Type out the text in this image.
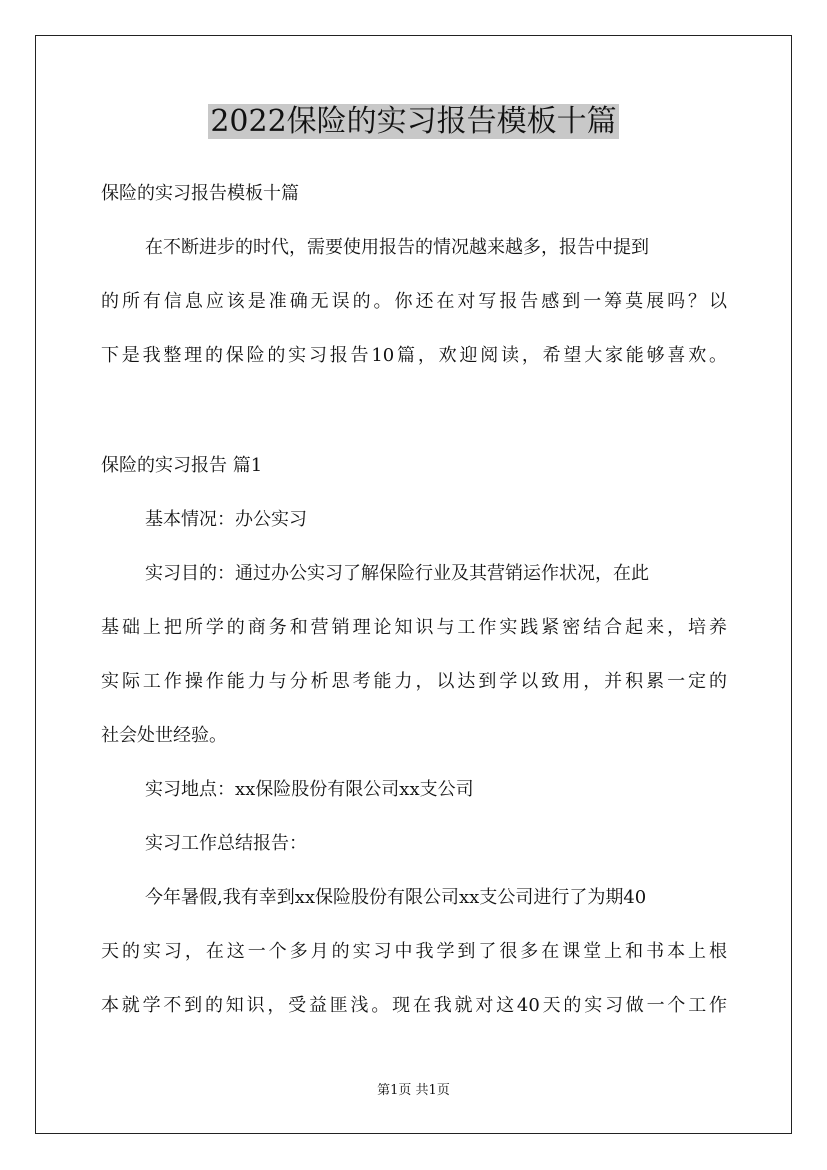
2022保险的实习报告模板十篇
保险的实习报告模板十篇
在不断进步的时代，需要使用报告的情况越来越多，报告中提到
的所有信息应该是准确无误的。你还在对写报告感到一筹莫展吗？以
下是我整理的保险的实习报告10篇，欢迎阅读，希望大家能够喜欢。
保险的实习报告 篇1
基本情况：办公实习
实习目的：通过办公实习了解保险行业及其营销运作状况，在此
基础上把所学的商务和营销理论知识与工作实践紧密结合起来，培养
实际工作操作能力与分析思考能力，以达到学以致用，并积累一定的
社会处世经验。
实习地点：xx保险股份有限公司xx支公司
实习工作总结报告：
今年暑假,我有幸到xx保险股份有限公司xx支公司进行了为期40
天的实习，在这一个多月的实习中我学到了很多在课堂上和书本上根
本就学不到的知识，受益匪浅。现在我就对这40天的实习做一个工作
第1页 共1页
